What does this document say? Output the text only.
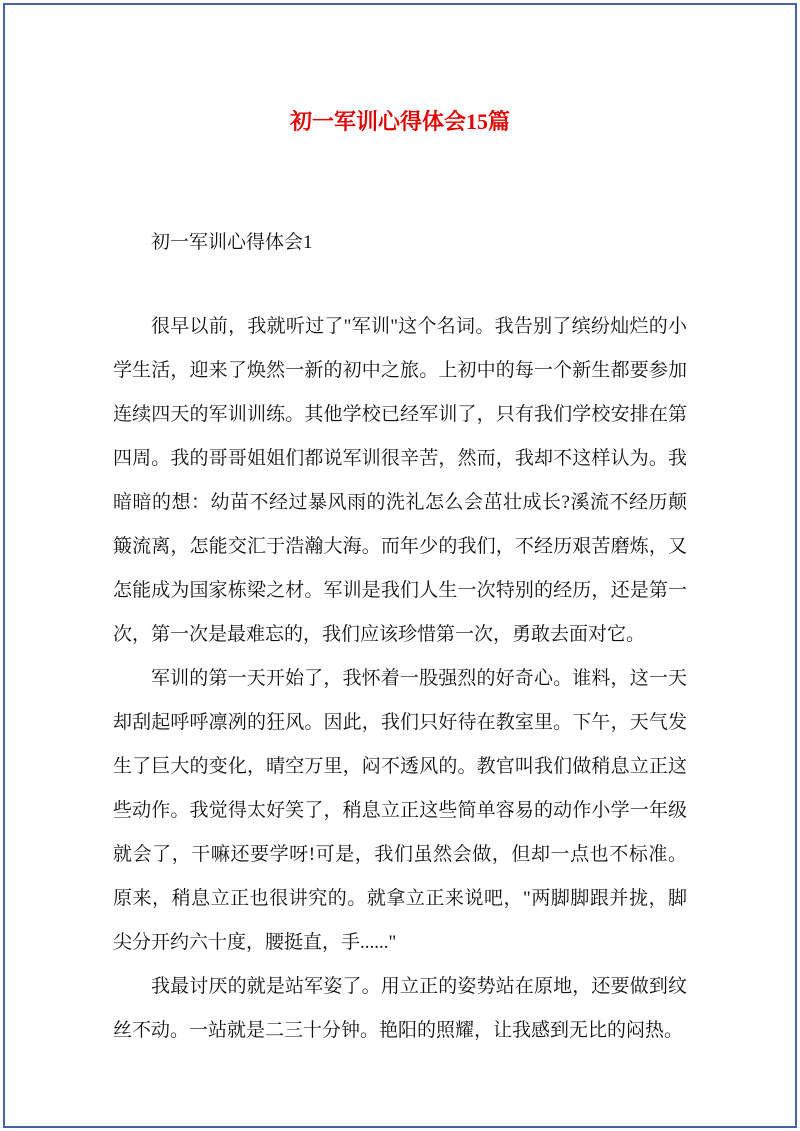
初一军训心得体会15篇

初一军训心得体会1

很早以前，我就听过了"军训"这个名词。我告别了缤纷灿烂的小学生活，迎来了焕然一新的初中之旅。上初中的每一个新生都要参加连续四天的军训训练。其他学校已经军训了，只有我们学校安排在第四周。我的哥哥姐姐们都说军训很辛苦，然而，我却不这样认为。我暗暗的想：幼苗不经过暴风雨的洗礼怎么会茁壮成长?溪流不经历颠簸流离，怎能交汇于浩瀚大海。而年少的我们，不经历艰苦磨炼，又怎能成为国家栋梁之材。军训是我们人生一次特别的经历，还是第一次，第一次是最难忘的，我们应该珍惜第一次，勇敢去面对它。

军训的第一天开始了，我怀着一股强烈的好奇心。谁料，这一天却刮起呼呼凛冽的狂风。因此，我们只好待在教室里。下午，天气发生了巨大的变化，晴空万里，闷不透风的。教官叫我们做稍息立正这些动作。我觉得太好笑了，稍息立正这些简单容易的动作小学一年级就会了，干嘛还要学呀!可是，我们虽然会做，但却一点也不标准。原来，稍息立正也很讲究的。就拿立正来说吧，"两脚脚跟并拢，脚尖分开约六十度，腰挺直，手......"

我最讨厌的就是站军姿了。用立正的姿势站在原地，还要做到纹丝不动。一站就是二三十分钟。艳阳的照耀，让我感到无比的闷热。
